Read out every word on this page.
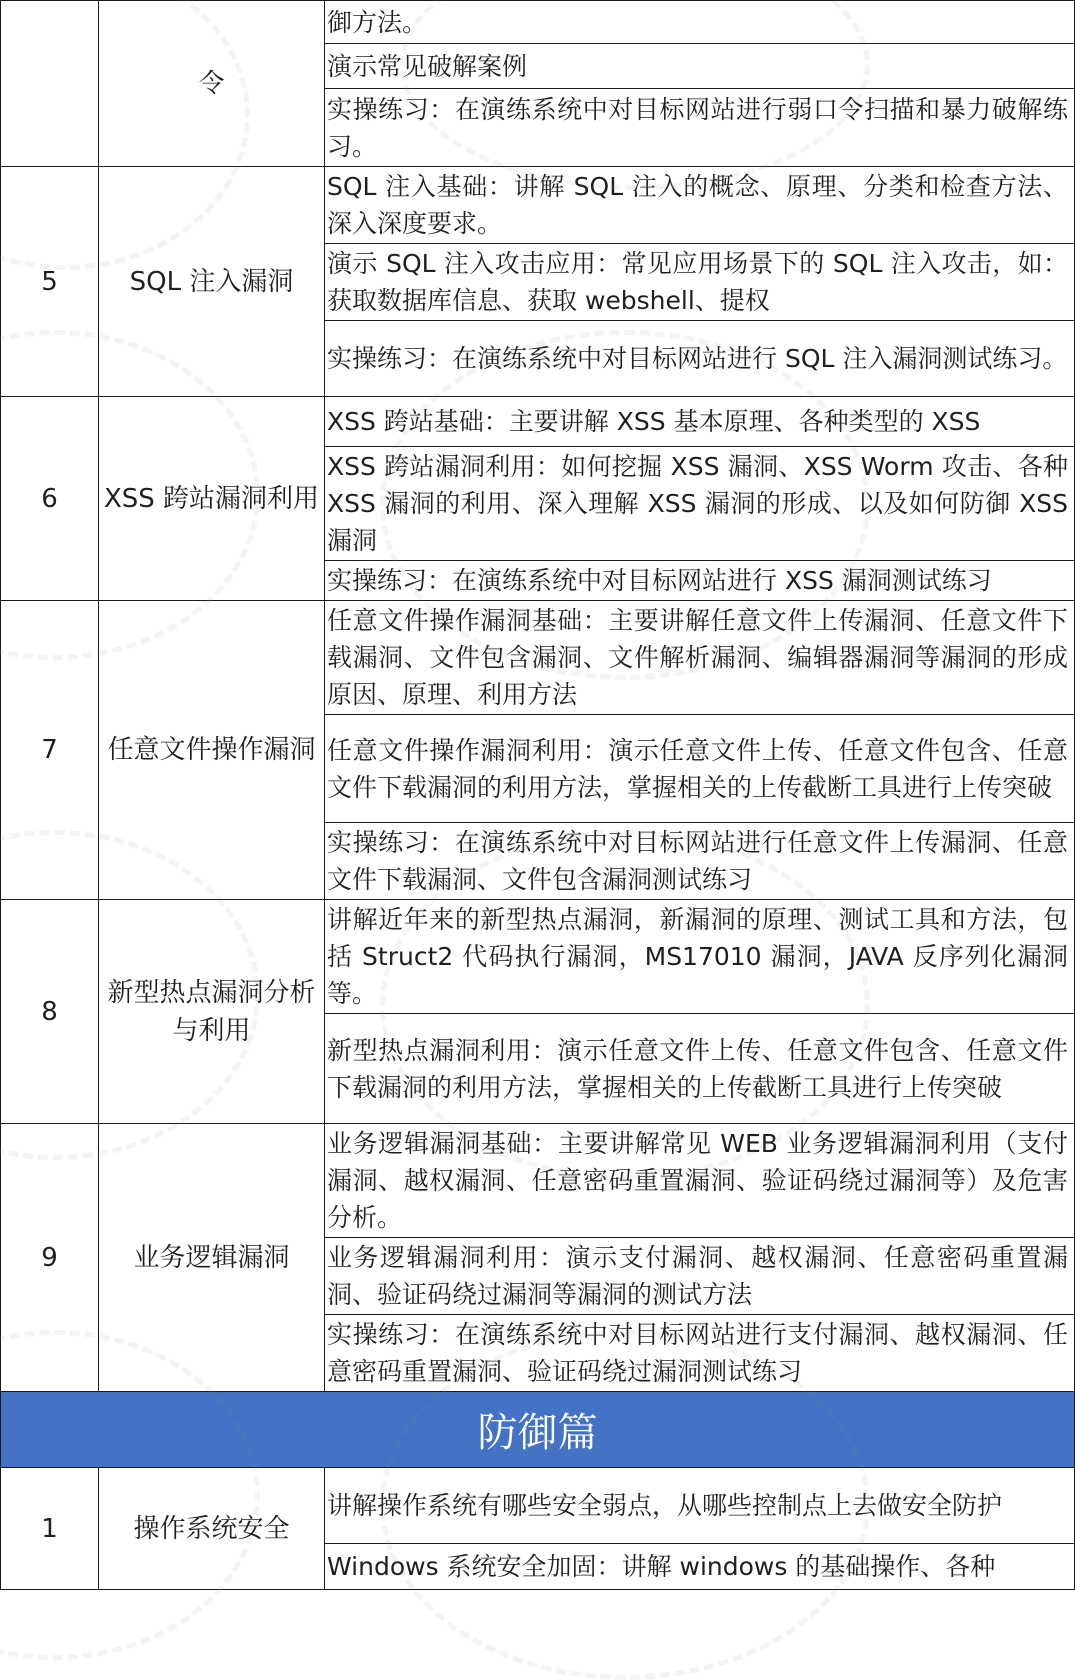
	令	御方法。
		演示常见破解案例
		实操练习：在演练系统中对目标网站进行弱口令扫描和暴力破解练习。
5	SQL 注入漏洞	SQL 注入基础：讲解 SQL 注入的概念、原理、分类和检查方法、深入深度要求。
		演示 SQL 注入攻击应用：常见应用场景下的 SQL 注入攻击，如：获取数据库信息、获取 webshell、提权
		实操练习：在演练系统中对目标网站进行 SQL 注入漏洞测试练习。
6	XSS 跨站漏洞利用	XSS 跨站基础：主要讲解 XSS 基本原理、各种类型的 XSS
		XSS 跨站漏洞利用：如何挖掘 XSS 漏洞、XSS Worm 攻击、各种 XSS 漏洞的利用、深入理解 XSS 漏洞的形成、以及如何防御 XSS 漏洞
		实操练习：在演练系统中对目标网站进行 XSS 漏洞测试练习
7	任意文件操作漏洞	任意文件操作漏洞基础：主要讲解任意文件上传漏洞、任意文件下载漏洞、文件包含漏洞、文件解析漏洞、编辑器漏洞等漏洞的形成原因、原理、利用方法
		任意文件操作漏洞利用：演示任意文件上传、任意文件包含、任意文件下载漏洞的利用方法，掌握相关的上传截断工具进行上传突破
		实操练习：在演练系统中对目标网站进行任意文件上传漏洞、任意文件下载漏洞、文件包含漏洞测试练习
8	新型热点漏洞分析与利用	讲解近年来的新型热点漏洞，新漏洞的原理、测试工具和方法，包括 Struct2 代码执行漏洞，MS17010 漏洞，JAVA 反序列化漏洞等。
		新型热点漏洞利用：演示任意文件上传、任意文件包含、任意文件下载漏洞的利用方法，掌握相关的上传截断工具进行上传突破
9	业务逻辑漏洞	业务逻辑漏洞基础：主要讲解常见 WEB 业务逻辑漏洞利用（支付漏洞、越权漏洞、任意密码重置漏洞、验证码绕过漏洞等）及危害分析。
		业务逻辑漏洞利用：演示支付漏洞、越权漏洞、任意密码重置漏洞、验证码绕过漏洞等漏洞的测试方法
		实操练习：在演练系统中对目标网站进行支付漏洞、越权漏洞、任意密码重置漏洞、验证码绕过漏洞测试练习
防御篇		
1	操作系统安全	讲解操作系统有哪些安全弱点，从哪些控制点上去做安全防护
		Windows 系统安全加固：讲解 windows 的基础操作、各种
